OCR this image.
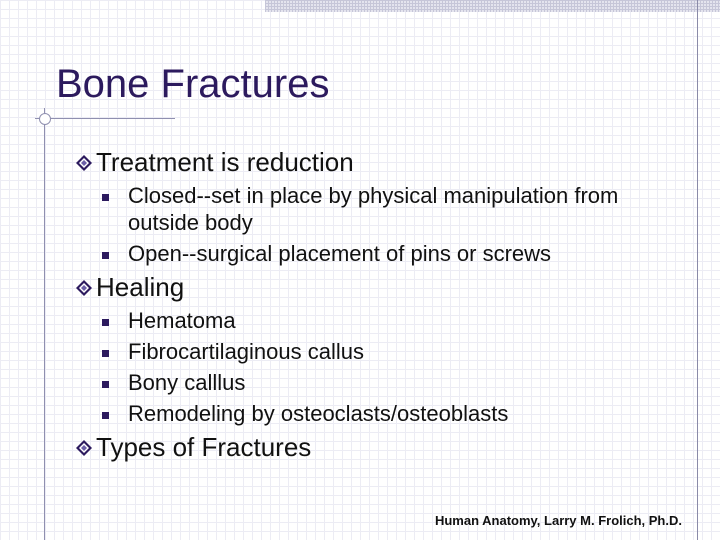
Bone Fractures
Treatment is reduction
Closed--set in place by physical manipulation from outside body
Open--surgical placement of pins or screws
Healing
Hematoma
Fibrocartilaginous callus
Bony calllus
Remodeling by osteoclasts/osteoblasts
Types of Fractures
Human Anatomy, Larry M. Frolich, Ph.D.
